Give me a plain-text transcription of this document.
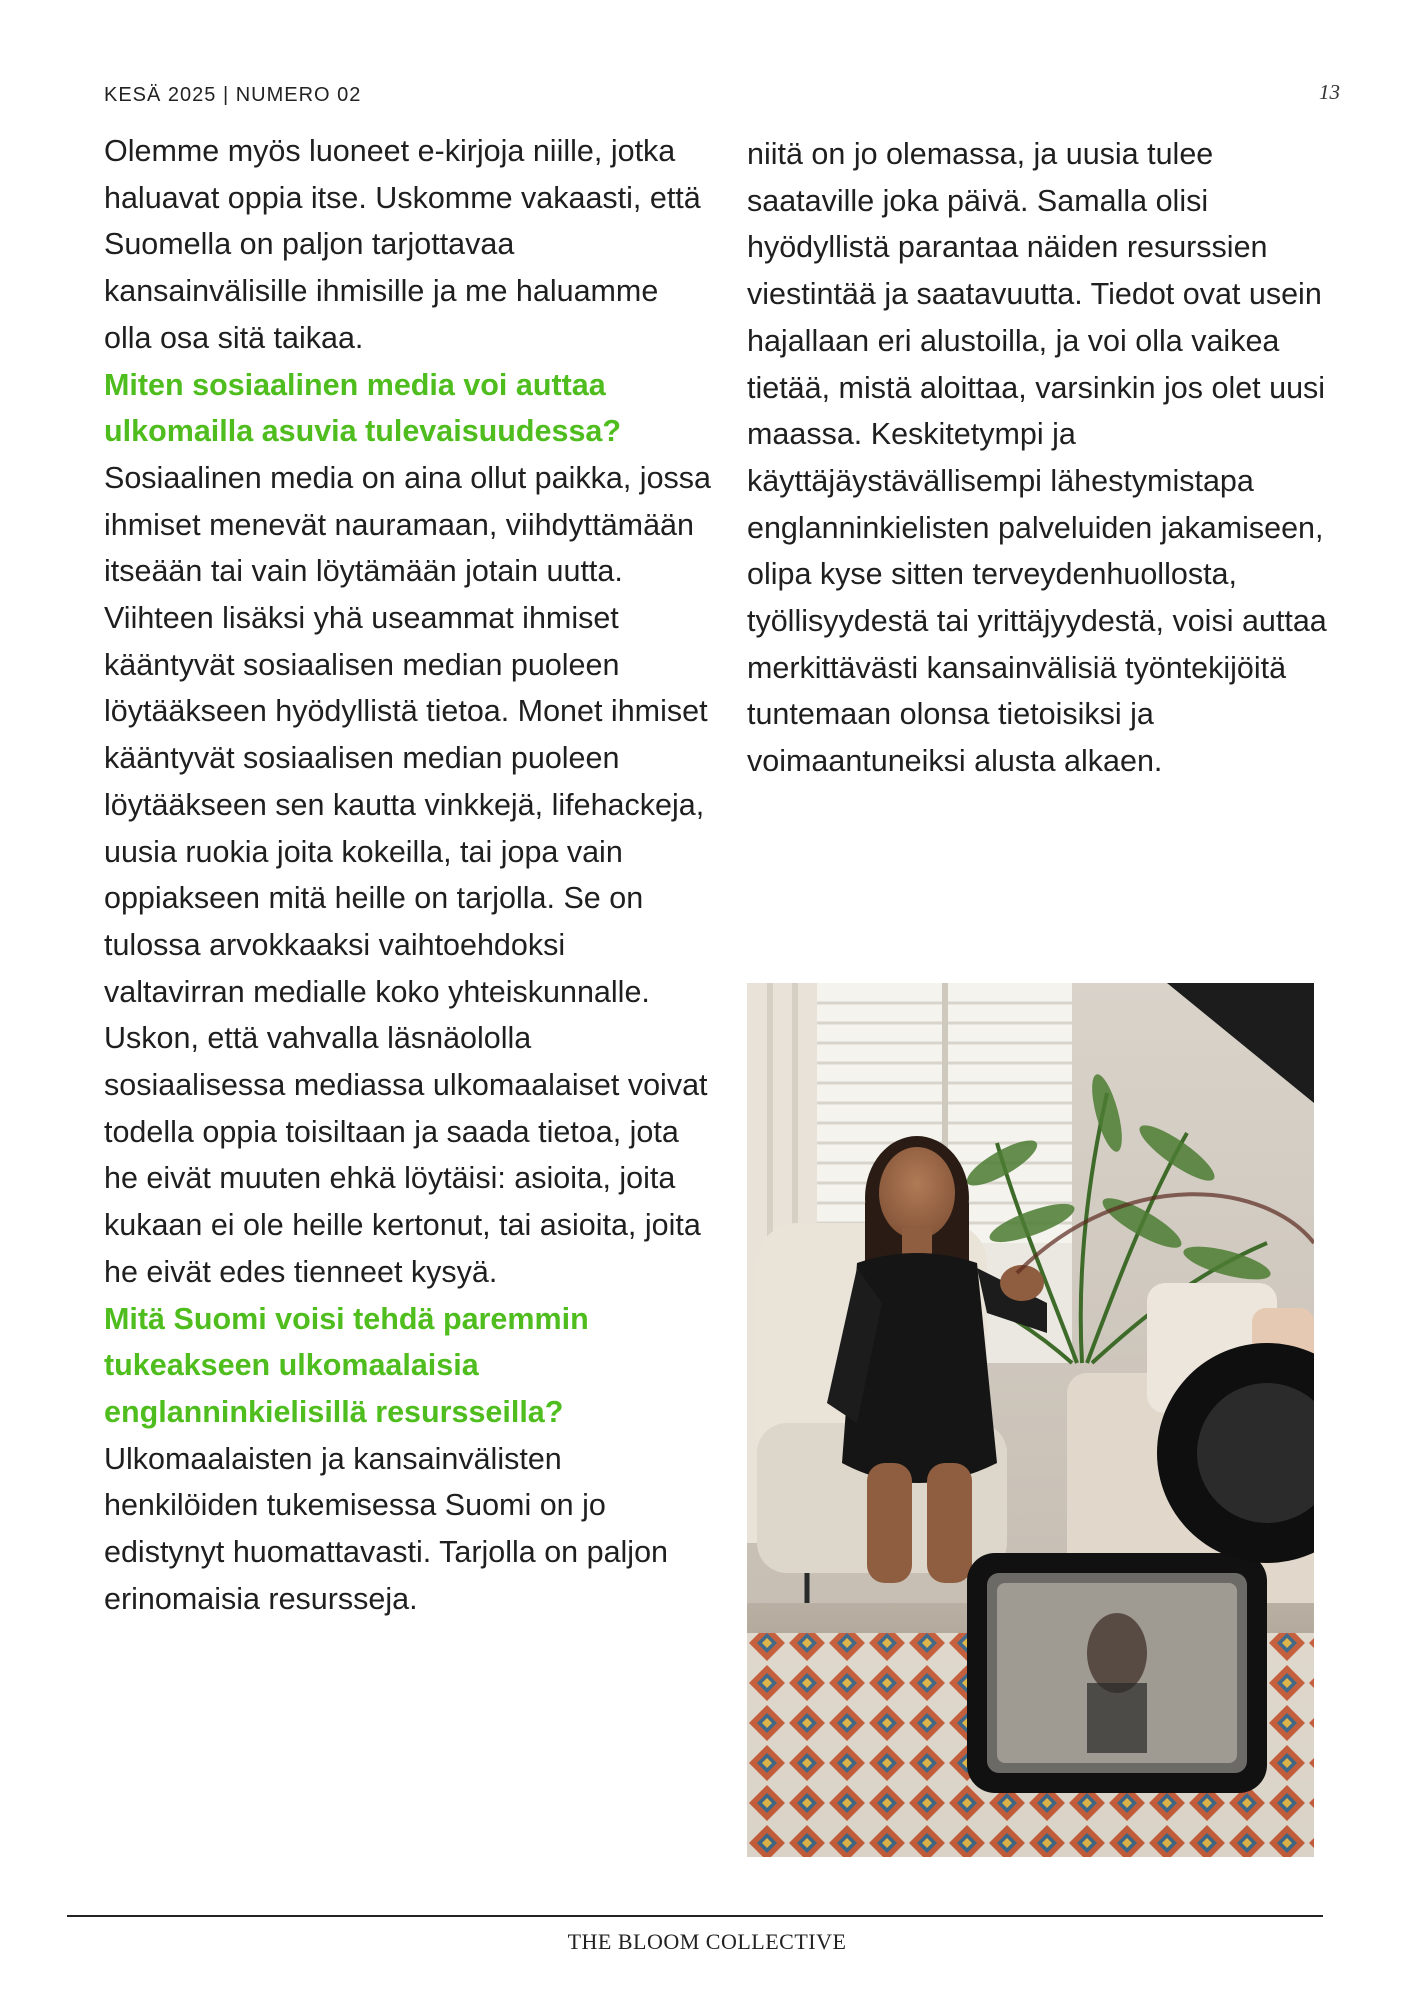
KESÄ 2025 | NUMERO 02	13

Olemme myös luoneet e-kirjoja niille, jotka haluavat oppia itse. Uskomme vakaasti, että Suomella on paljon tarjottavaa kansainvälisille ihmisille ja me haluamme olla osa sitä taikaa.

Miten sosiaalinen media voi auttaa ulkomailla asuvia tulevaisuudessa?

Sosiaalinen media on aina ollut paikka, jossa ihmiset menevät nauramaan, viihdyttämään itseään tai vain löytämään jotain uutta. Viihteen lisäksi yhä useammat ihmiset kääntyvät sosiaalisen median puoleen löytääkseen hyödyllistä tietoa. Monet ihmiset kääntyvät sosiaalisen median puoleen löytääkseen sen kautta vinkkejä, lifehackeja, uusia ruokia joita kokeilla, tai jopa vain oppiakseen mitä heille on tarjolla. Se on tulossa arvokkaaksi vaihtoehdoksi valtavirran medialle koko yhteiskunnalle. Uskon, että vahvalla läsnäololla sosiaalisessa mediassa ulkomaalaiset voivat todella oppia toisiltaan ja saada tietoa, jota he eivät muuten ehkä löytäisi: asioita, joita kukaan ei ole heille kertonut, tai asioita, joita he eivät edes tienneet kysyä.

Mitä Suomi voisi tehdä paremmin tukeakseen ulkomaalaisia englanninkielisillä resursseilla?

Ulkomaalaisten ja kansainvälisten henkilöiden tukemisessa Suomi on jo edistynyt huomattavasti. Tarjolla on paljon erinomaisia resursseja.

niitä on jo olemassa, ja uusia tulee saataville joka päivä. Samalla olisi hyödyllistä parantaa näiden resurssien viestintää ja saatavuutta. Tiedot ovat usein hajallaan eri alustoilla, ja voi olla vaikea tietää, mistä aloittaa, varsinkin jos olet uusi maassa. Keskitetympi ja käyttäjäystävällisempi lähestymistapa englanninkielisten palveluiden jakamiseen, olipa kyse sitten terveydenhuollosta, työllisyydestä tai yrittäjyydestä, voisi auttaa merkittävästi kansainvälisiä työntekijöitä tuntemaan olonsa tietoisiksi ja voimaantuneiksi alusta alkaen.

THE BLOOM COLLECTIVE
